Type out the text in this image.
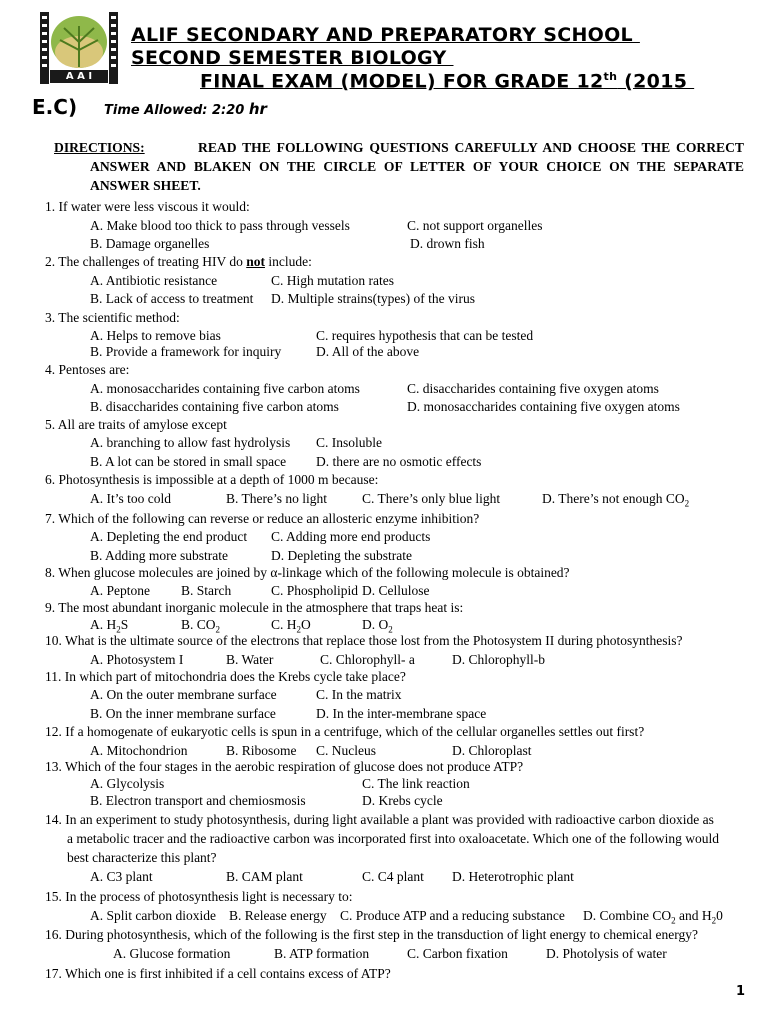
A A I
ALIF SECONDARY AND PREPARATORY SCHOOL
SECOND SEMESTER BIOLOGY
FINAL EXAM (MODEL) FOR GRADE 12th (2015
E.C) Time Allowed: 2:20 hr
DIRECTIONS:	READ THE FOLLOWING QUESTIONS CAREFULLY AND CHOOSE THE CORRECT ANSWER AND BLAKEN ON THE CIRCLE OF LETTER OF YOUR CHOICE ON THE SEPARATE ANSWER SHEET.
1. If water were less viscous it would:
A. Make blood too thick to pass through vessels	C. not support organelles
B. Damage organelles	D. drown fish
2. The challenges of treating HIV do not include:
A. Antibiotic resistance	C. High mutation rates
B. Lack of access to treatment D. Multiple strains(types) of the virus
3. The scientific method:
A. Helps to remove bias	C. requires hypothesis that can be tested
B. Provide a framework for inquiry	D. All of the above
4. Pentoses are:
A. monosaccharides containing five carbon atoms	C. disaccharides containing five oxygen atoms
B. disaccharides containing five carbon atoms	D. monosaccharides containing five oxygen atoms
5. All are traits of amylose except
A. branching to allow fast hydrolysis C. Insoluble
B. A lot can be stored in small space D. there are no osmotic effects
6. Photosynthesis is impossible at a depth of 1000 m because:
A. It’s too cold	B. There’s no light	C. There’s only blue light	D. There’s not enough $CO_2$
7. Which of the following can reverse or reduce an allosteric enzyme inhibition?
A. Depleting the end product C. Adding more end products
B. Adding more substrate	D. Depleting the substrate
8. When glucose molecules are joined by α-linkage which of the following molecule is obtained?
A. Peptone B. Starch	C. Phospholipid D. Cellulose
9. The most abundant inorganic molecule in the atmosphere that traps heat is:
A. $H_2S$	B. $CO_2$	C. $H_2O$	D. $O_2$
10. What is the ultimate source of the electrons that replace those lost from the Photosystem II during photosynthesis?
A. Photosystem I	B. Water	C. Chlorophyll- a	D. Chlorophyll-b
11. In which part of mitochondria does the Krebs cycle take place?
A. On the outer membrane surface	C. In the matrix
B. On the inner membrane surface	D. In the inter-membrane space
12. If a homogenate of eukaryotic cells is spun in a centrifuge, which of the cellular organelles settles out first?
A. Mitochondrion	B. Ribosome C. Nucleus	D. Chloroplast
13. Which of the four stages in the aerobic respiration of glucose does not produce ATP?
A. Glycolysis	C. The link reaction
B. Electron transport and chemiosmosis	D. Krebs cycle
14. In an experiment to study photosynthesis, during light available a plant was provided with radioactive carbon dioxide as
a metabolic tracer and the radioactive carbon was incorporated first into oxaloacetate. Which one of the following would
best characterize this plant?
A. C3 plant	B. CAM plant	C. C4 plant D. Heterotrophic plant
15. In the process of photosynthesis light is necessary to:
A. Split carbon dioxide B. Release energy C. Produce ATP and a reducing substance D. Combine $CO_2$ and $H_20$
16. During photosynthesis, which of the following is the first step in the transduction of light energy to chemical energy?
A. Glucose formation	B. ATP formation	C. Carbon fixation	D. Photolysis of water
17. Which one is first inhibited if a cell contains excess of ATP?
1
